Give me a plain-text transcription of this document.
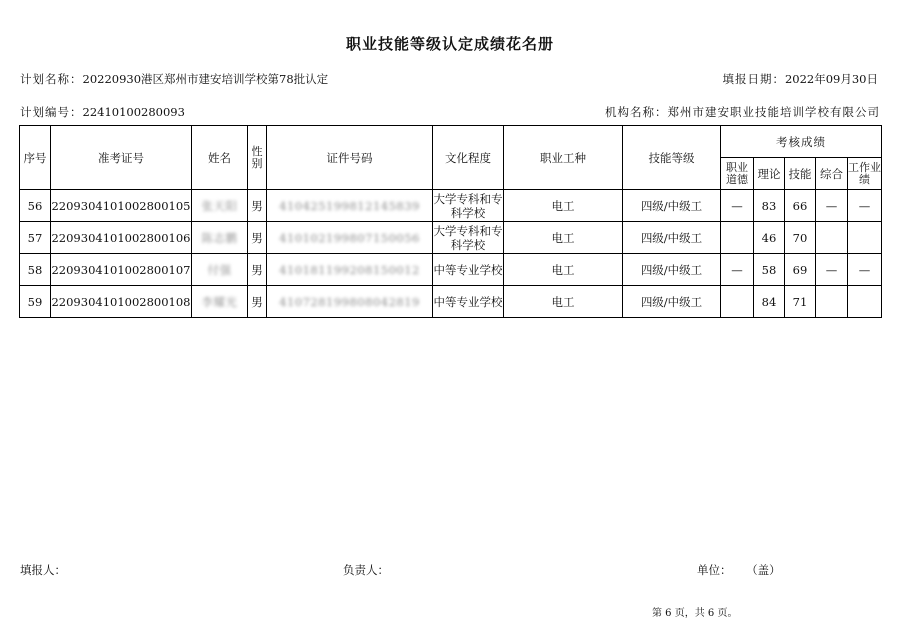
职业技能等级认定成绩花名册
计划名称：20220930港区郑州市建安培训学校第78批认定	填报日期：2022年09月30日
计划编号：22410100280093	机构名称：郑州市建安职业技能培训学校有限公司
序号	准考证号	姓名	性别	证件号码	文化程度	职业工种	技能等级	考核成绩				
								职业道德	理论	技能	综合	工作业绩
56	220930410100280010​5	张天阳	男	410425199812145839	大学专科和专科学校	电工	四级/中级工	—	83	66	—	—
57	2209304101002800106	陈志鹏	男	410102199807150056	大学专科和专科学校	电工	四级/中级工		46	70		
58	2209304101002800107	付强	男	410181199208150012	中等专业学校	电工	四级/中级工	—	58	69	—	—
59	2209304101002800108	李耀光	男	410728199808042819	中等专业学校	电工	四级/中级工		84	71		
填报人：	负责人：	单位： （盖）
第 6 页，共 6 页。
